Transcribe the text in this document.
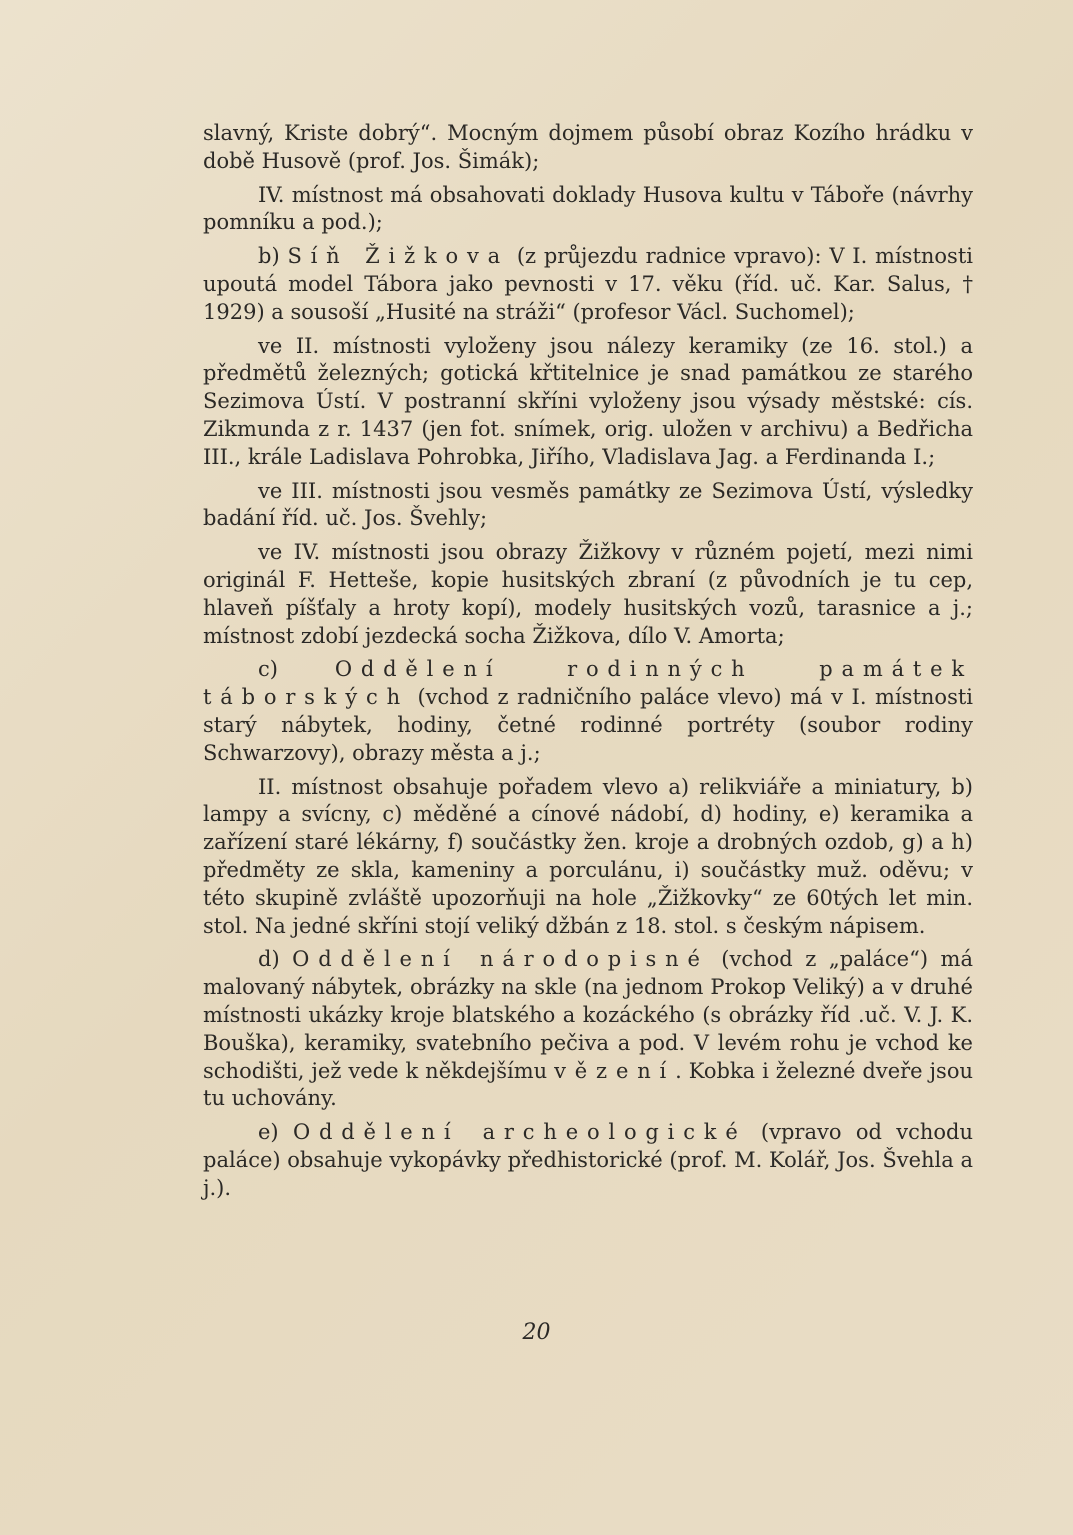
slavný, Kriste dobrý“. Mocným dojmem působí obraz Kozího hrádku v době Husově (prof. Jos. Šimák);

IV. místnost má obsahovati doklady Husova kultu v Táboře (návrhy pomníku a pod.);

b) Síň Žižkova (z průjezdu radnice vpravo): V I. místnosti upoutá model Tábora jako pevnosti v 17. věku (říd. uč. Kar. Salus, † 1929) a sousoší „Husité na stráži“ (profesor Václ. Suchomel);

ve II. místnosti vyloženy jsou nálezy keramiky (ze 16. stol.) a předmětů železných; gotická křtitelnice je snad památkou ze starého Sezimova Ústí. V postranní skříni vyloženy jsou výsady městské: cís. Zikmunda z r. 1437 (jen fot. snímek, orig. uložen v archivu) a Bedřicha III., krále Ladislava Pohrobka, Jiřího, Vladislava Jag. a Ferdinanda I.;

ve III. místnosti jsou vesměs památky ze Sezimova Ústí, výsledky badání říd. uč. Jos. Švehly;

ve IV. místnosti jsou obrazy Žižkovy v různém pojetí, mezi nimi originál F. Hetteše, kopie husitských zbraní (z původních je tu cep, hlaveň píšťaly a hroty kopí), modely husitských vozů, tarasnice a j.; místnost zdobí jezdecká socha Žižkova, dílo V. Amorta;

c) Oddělení rodinných památek táborských (vchod z radničního paláce vlevo) má v I. místnosti starý nábytek, hodiny, četné rodinné portréty (soubor rodiny Schwarzovy), obrazy města a j.;

II. místnost obsahuje pořadem vlevo a) relikviáře a miniatury, b) lampy a svícny, c) měděné a cínové nádobí, d) hodiny, e) keramika a zařízení staré lékárny, f) součástky žen. kroje a drobných ozdob, g) a h) předměty ze skla, kameniny a porculánu, i) součástky muž. oděvu; v této skupině zvláště upozorňuji na hole „Žižkovky“ ze 60tých let min. stol. Na jedné skříni stojí veliký džbán z 18. stol. s českým nápisem.

d) Oddělení národopisné (vchod z „paláce“) má malovaný nábytek, obrázky na skle (na jednom Prokop Veliký) a v druhé místnosti ukázky kroje blatského a kozáckého (s obrázky říd .uč. V. J. K. Bouška), keramiky, svatebního pečiva a pod. V levém rohu je vchod ke schodišti, jež vede k někdejšímu vězení. Kobka i železné dveře jsou tu uchovány.

e) Oddělení archeologické (vpravo od vchodu paláce) obsahuje vykopávky předhistorické (prof. M. Kolář, Jos. Švehla a j.).

20
